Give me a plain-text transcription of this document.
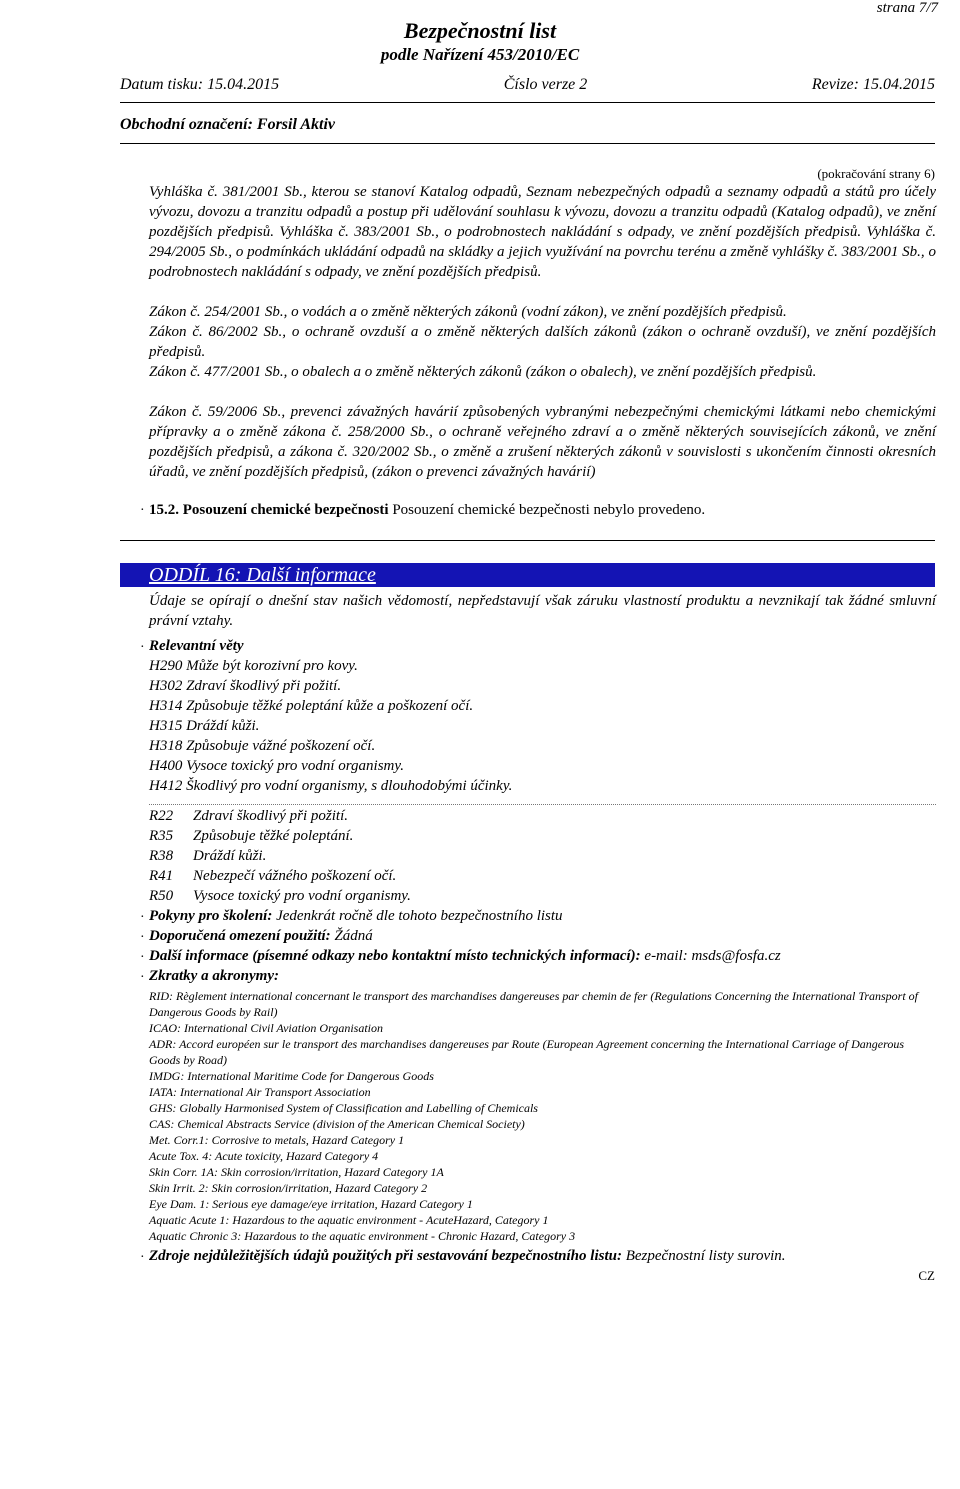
strana 7/7
Bezpečnostní list
podle Nařízení 453/2010/EC
Datum tisku: 15.04.2015	Číslo verze 2	Revize: 15.04.2015
Obchodní označení: Forsil Aktiv
(pokračování strany 6)
Vyhláška č. 381/2001 Sb., kterou se stanoví Katalog odpadů, Seznam nebezpečných odpadů a seznamy odpadů a států pro účely vývozu, dovozu a tranzitu odpadů a postup při udělování souhlasu k vývozu, dovozu a tranzitu odpadů (Katalog odpadů), ve znění pozdějších předpisů. Vyhláška č. 383/2001 Sb., o podrobnostech nakládání s odpady, ve znění pozdějších předpisů. Vyhláška č. 294/2005 Sb., o podmínkách ukládání odpadů na skládky a jejich využívání na povrchu terénu a změně vyhlášky č. 383/2001 Sb., o podrobnostech nakládání s odpady, ve znění pozdějších předpisů.
Zákon č. 254/2001 Sb., o vodách a o změně některých zákonů (vodní zákon), ve znění pozdějších předpisů.
Zákon č. 86/2002 Sb., o ochraně ovzduší a o změně některých dalších zákonů (zákon o ochraně ovzduší), ve znění pozdějších předpisů.
Zákon č. 477/2001 Sb., o obalech a o změně některých zákonů (zákon o obalech), ve znění pozdějších předpisů.
Zákon č. 59/2006 Sb., prevenci závažných havárií způsobených vybranými nebezpečnými chemickými látkami nebo chemickými přípravky a o změně zákona č. 258/2000 Sb., o ochraně veřejného zdraví a o změně některých souvisejících zákonů, ve znění pozdějších předpisů, a zákona č. 320/2002 Sb., o změně a zrušení některých zákonů v souvislosti s ukončením činnosti okresních úřadů, ve znění pozdějších předpisů, (zákon o prevenci závažných havárií)
· 15.2. Posouzení chemické bezpečnosti Posouzení chemické bezpečnosti nebylo provedeno.
ODDÍL 16: Další informace
Údaje se opírají o dnešní stav našich vědomostí, nepředstavují však záruku vlastností produktu a nevznikají tak žádné smluvní právní vztahy.
· Relevantní věty
H290 Může být korozivní pro kovy.
H302 Zdraví škodlivý při požití.
H314 Způsobuje těžké poleptání kůže a poškození očí.
H315 Dráždí kůži.
H318 Způsobuje vážné poškození očí.
H400 Vysoce toxický pro vodní organismy.
H412 Škodlivý pro vodní organismy, s dlouhodobými účinky.
R22 Zdraví škodlivý při požití.
R35 Způsobuje těžké poleptání.
R38 Dráždí kůži.
R41 Nebezpečí vážného poškození očí.
R50 Vysoce toxický pro vodní organismy.
· Pokyny pro školení: Jedenkrát ročně dle tohoto bezpečnostního listu
· Doporučená omezení použití: Žádná
· Další informace (písemné odkazy nebo kontaktní místo technických informací): e-mail: msds@fosfa.cz
· Zkratky a akronymy:
RID: Règlement international concernant le transport des marchandises dangereuses par chemin de fer (Regulations Concerning the International Transport of Dangerous Goods by Rail)
ICAO: International Civil Aviation Organisation
ADR: Accord européen sur le transport des marchandises dangereuses par Route (European Agreement concerning the International Carriage of Dangerous Goods by Road)
IMDG: International Maritime Code for Dangerous Goods
IATA: International Air Transport Association
GHS: Globally Harmonised System of Classification and Labelling of Chemicals
CAS: Chemical Abstracts Service (division of the American Chemical Society)
Met. Corr.1: Corrosive to metals, Hazard Category 1
Acute Tox. 4: Acute toxicity, Hazard Category 4
Skin Corr. 1A: Skin corrosion/irritation, Hazard Category 1A
Skin Irrit. 2: Skin corrosion/irritation, Hazard Category 2
Eye Dam. 1: Serious eye damage/eye irritation, Hazard Category 1
Aquatic Acute 1: Hazardous to the aquatic environment - AcuteHazard, Category 1
Aquatic Chronic 3: Hazardous to the aquatic environment - Chronic Hazard, Category 3
· Zdroje nejdůležitějších údajů použitých při sestavování bezpečnostního listu: Bezpečnostní listy surovin.
CZ
